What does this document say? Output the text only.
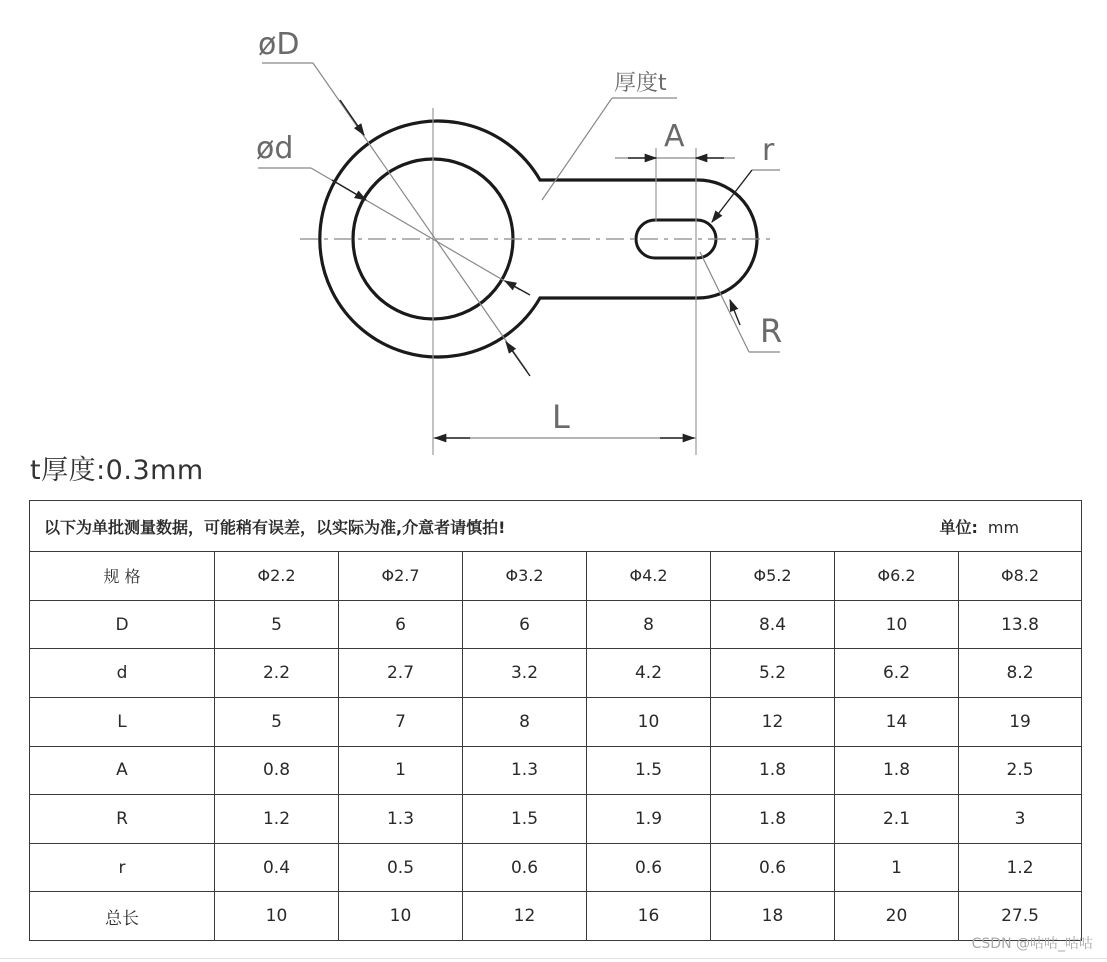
øD
ød
厚度t
A	r
R
L
t厚度:0.3mm
以下为单批测量数据，可能稍有误差，以实际为准,介意者请慎拍! 单位: mm							

规 格	Φ2.2	Φ2.7	Φ3.2	Φ4.2	Φ5.2	Φ6.2	Φ8.2
D	5	6	6	8	8.4	10	13.8
d	2.2	2.7	3.2	4.2	5.2	6.2	8.2
L	5	7	8	10	12	14	19
A	0.8	1	1.3	1.5	1.8	1.8	2.5
R	1.2	1.3	1.5	1.9	1.8	2.1	3
r	0.4	0.5	0.6	0.6	0.6	1	1.2
总长	10	10	12	16	18	20	27.5
CSDN @咕咕_咕咕
